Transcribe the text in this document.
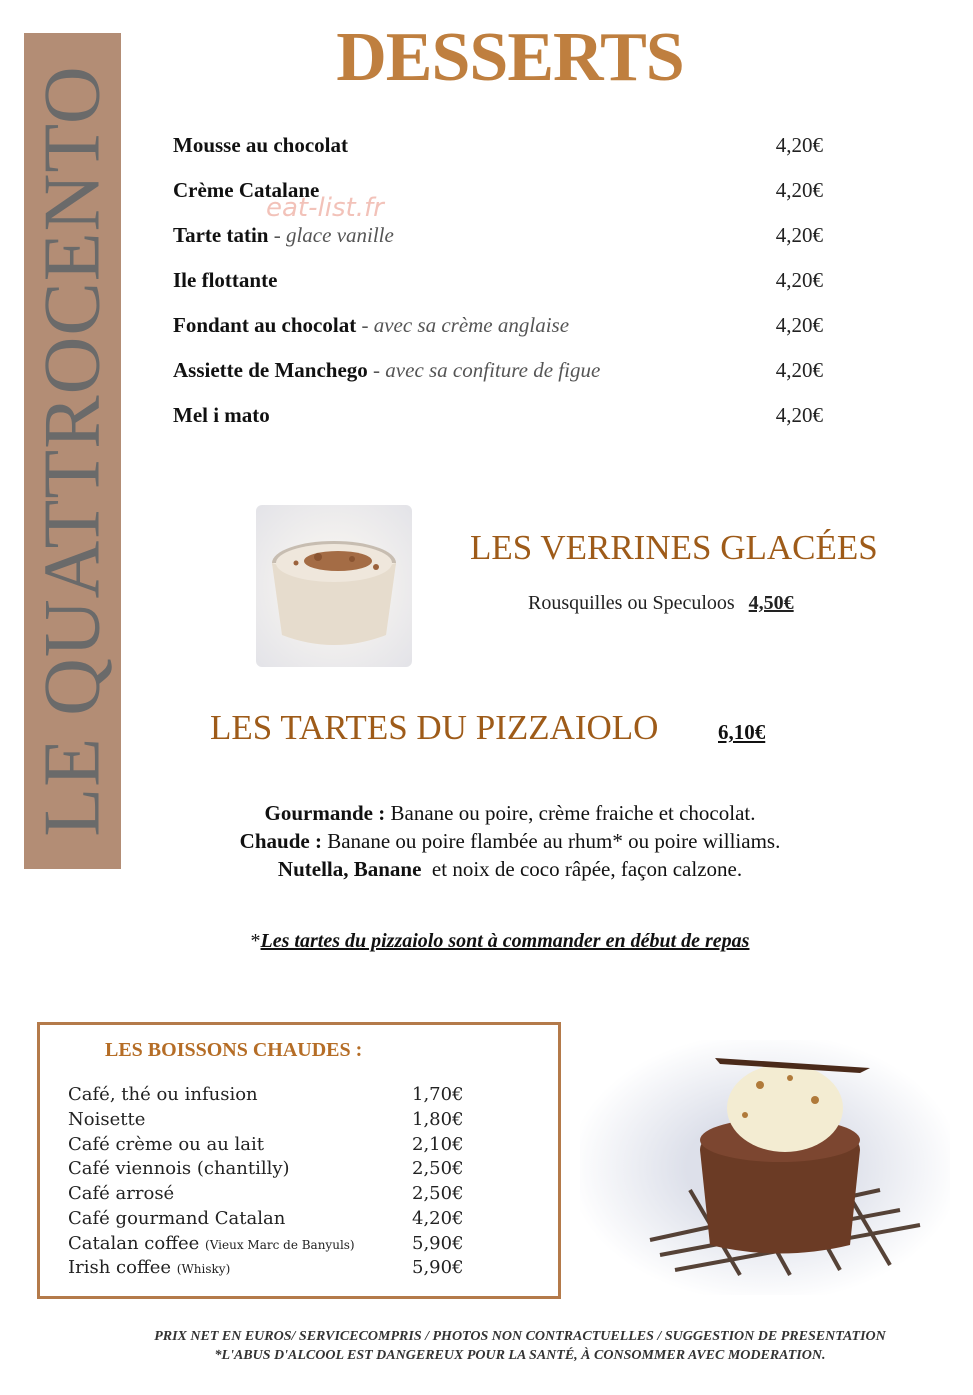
LE QUATTROCENTO
DESSERTS
Mousse au chocolat	4,20€
Crème Catalane	4,20€
Tarte tatin - glace vanille	4,20€
Ile flottante	4,20€
Fondant au chocolat - avec sa crème anglaise	4,20€
Assiette de Manchego - avec sa confiture de figue	4,20€
Mel i mato	4,20€
eat-list.fr
LES VERRINES GLACÉES
Rousquilles ou Speculoos 4,50€
LES TARTES DU PIZZAIOLO	6,10€
Gourmande : Banane ou poire, crème fraiche et chocolat.
Chaude : Banane ou poire flambée au rhum* ou poire williams.
Nutella, Banane  et noix de coco râpée, façon calzone.
*Les tartes du pizzaiolo sont à commander en début de repas
LES BOISSONS CHAUDES :
Café, thé ou infusion	1,70€
Noisette	1,80€
Café crème ou au lait	2,10€
Café viennois (chantilly)	2,50€
Café arrosé	2,50€
Café gourmand Catalan	4,20€
Catalan coffee (Vieux Marc de Banyuls)	5,90€
Irish coffee (Whisky)	5,90€
PRIX NET EN EUROS/ SERVICECOMPRIS / PHOTOS NON CONTRACTUELLES / SUGGESTION DE PRESENTATION
*L'ABUS D'ALCOOL EST DANGEREUX POUR LA SANTÉ, À CONSOMMER AVEC MODERATION.
